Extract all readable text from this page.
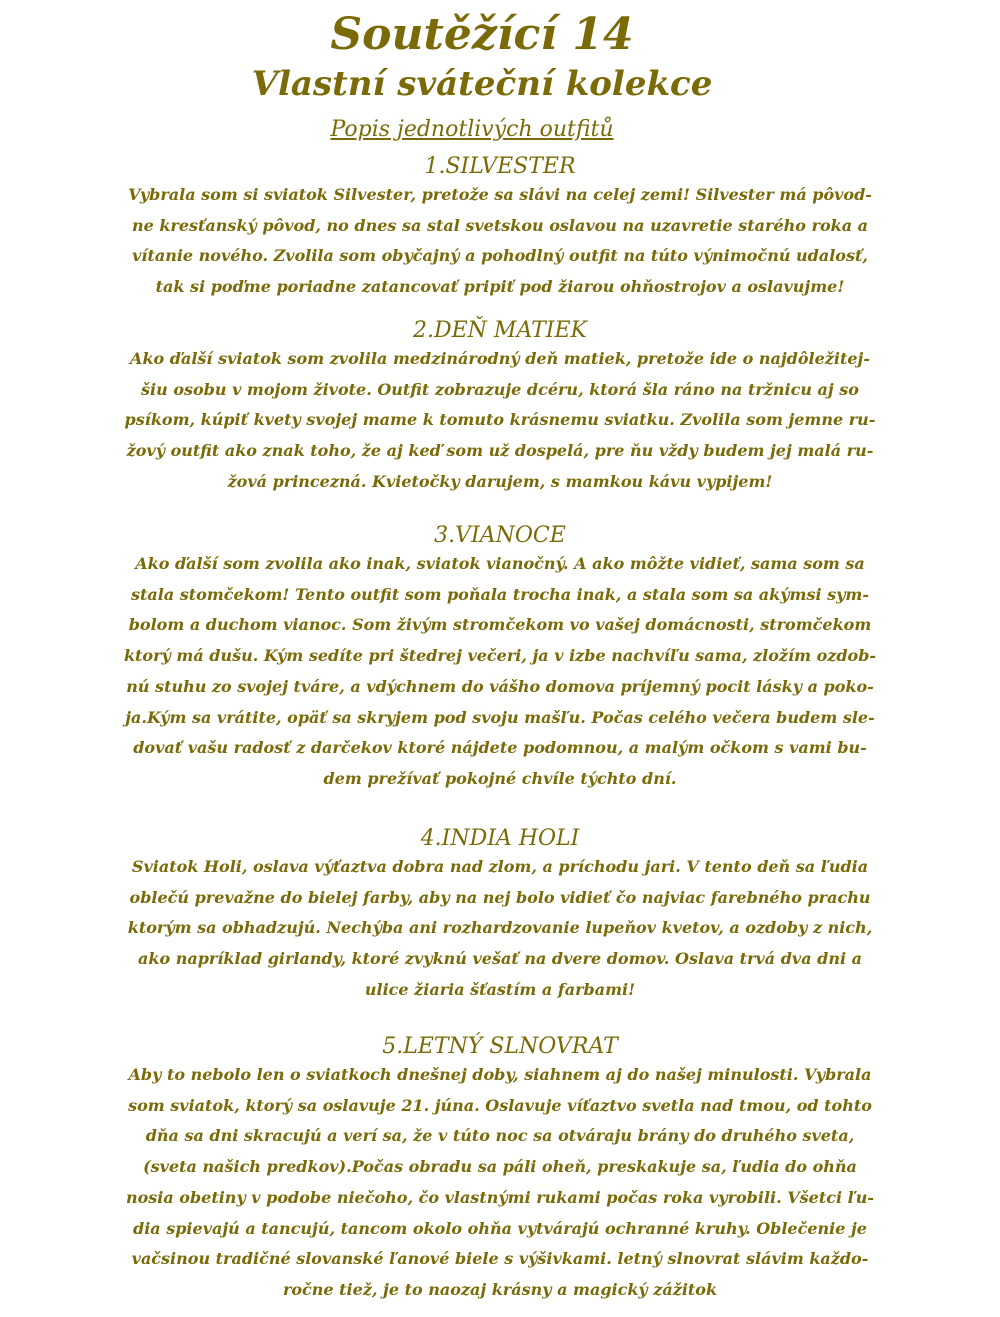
Soutěžící 14
Vlastní sváteční kolekce
Popis jednotlivých outfitů
1.SILVESTER
Vybrala som si sviatok Silvester, pretože sa slávi na celej zemi! Silvester má pôvod-
ne kresťanský pôvod, no dnes sa stal svetskou oslavou na uzavretie starého roka a
vítanie nového. Zvolila som obyčajný a pohodlný outfit na túto výnimočnú udalosť,
tak si poďme poriadne zatancovať pripiť pod žiarou ohňostrojov a oslavujme!
2.DEŇ MATIEK
Ako ďalší sviatok som zvolila medzinárodný deň matiek, pretože ide o najdôležitej-
šiu osobu v mojom živote. Outfit zobrazuje dcéru, ktorá šla ráno na tržnicu aj so
psíkom, kúpiť kvety svojej mame k tomuto krásnemu sviatku. Zvolila som jemne ru-
žový outfit ako znak toho, že aj keď som už dospelá, pre ňu vždy budem jej malá ru-
žová princezná. Kvietočky darujem, s mamkou kávu vypijem!
3.VIANOCE
Ako ďalší som zvolila ako inak, sviatok vianočný. A ako môžte vidieť, sama som sa
stala stomčekom! Tento outfit som poňala trocha inak, a stala som sa akýmsi sym-
bolom a duchom vianoc. Som živým stromčekom vo vašej domácnosti, stromčekom
ktorý má dušu. Kým sedíte pri štedrej večeri, ja v izbe nachvíľu sama, zložím ozdob-
nú stuhu zo svojej tváre, a vdýchnem do vášho domova príjemný pocit lásky a poko-
ja.Kým sa vrátite, opäť sa skryjem pod svoju mašľu. Počas celého večera budem sle-
dovať vašu radosť z darčekov ktoré nájdete podomnou, a malým očkom s vami bu-
dem prežívať pokojné chvíle týchto dní.
4.INDIA HOLI
Sviatok Holi, oslava výťaztva dobra nad zlom, a príchodu jari. V tento deň sa ľudia
oblečú prevažne do bielej farby, aby na nej bolo vidieť čo najviac farebného prachu
ktorým sa obhadzujú. Nechýba ani rozhardzovanie lupeňov kvetov, a ozdoby z nich,
ako napríklad girlandy, ktoré zvyknú vešať na dvere domov. Oslava trvá dva dni a
ulice žiaria šťastím a farbami!
5.LETNÝ SLNOVRAT
Aby to nebolo len o sviatkoch dnešnej doby, siahnem aj do našej minulosti. Vybrala
som sviatok, ktorý sa oslavuje 21. júna. Oslavuje víťaztvo svetla nad tmou, od tohto
dňa sa dni skracujú a verí sa, že v túto noc sa otváraju brány do druhého sveta,
(sveta našich predkov).Počas obradu sa páli oheň, preskakuje sa, ľudia do ohňa
nosia obetiny v podobe niečoho, čo vlastnými rukami počas roka vyrobili. Všetci ľu-
dia spievajú a tancujú, tancom okolo ohňa vytvárajú ochranné kruhy. Oblečenie je
vačsinou tradičné slovanské ľanové biele s výšivkami. letný slnovrat slávim každo-
ročne tiež, je to naozaj krásny a magický zážitok
